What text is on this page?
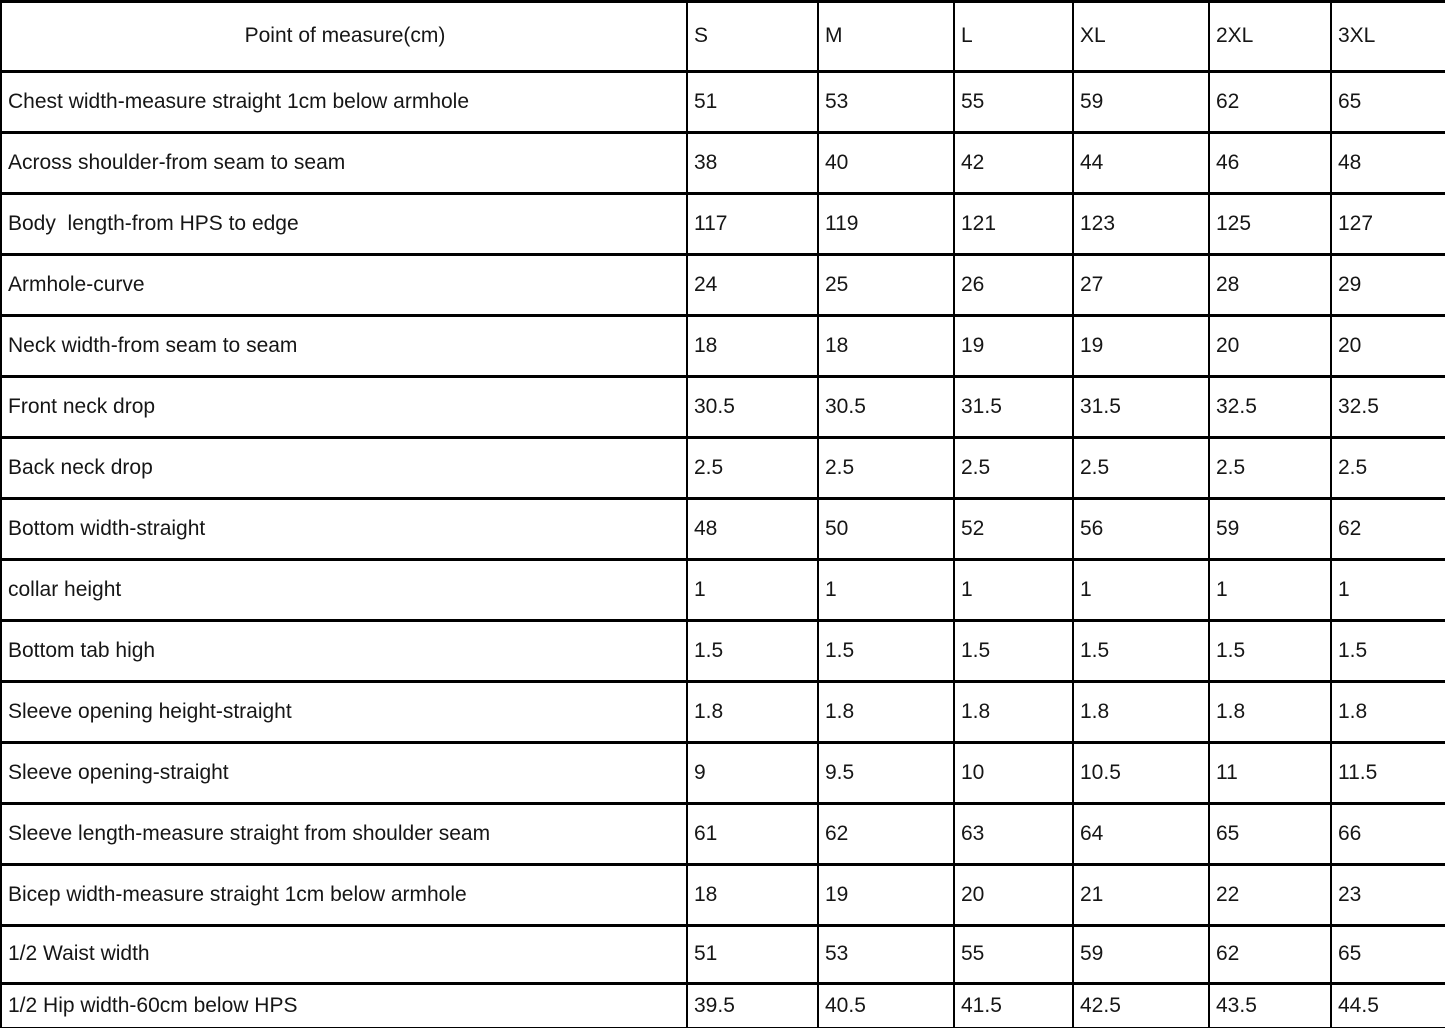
Point of measure(cm)	S	M	L	XL	2XL	3XL
Chest width-measure straight 1cm below armhole	51	53	55	59	62	65
Across shoulder-from seam to seam	38	40	42	44	46	48
Body  length-from HPS to edge	117	119	121	123	125	127
Armhole-curve	24	25	26	27	28	29
Neck width-from seam to seam	18	18	19	19	20	20
Front neck drop	30.5	30.5	31.5	31.5	32.5	32.5
Back neck drop	2.5	2.5	2.5	2.5	2.5	2.5
Bottom width-straight	48	50	52	56	59	62
collar height	1	1	1	1	1	1
Bottom tab high	1.5	1.5	1.5	1.5	1.5	1.5
Sleeve opening height-straight	1.8	1.8	1.8	1.8	1.8	1.8
Sleeve opening-straight	9	9.5	10	10.5	11	11.5
Sleeve length-measure straight from shoulder seam	61	62	63	64	65	66
Bicep width-measure straight 1cm below armhole	18	19	20	21	22	23
1/2 Waist width	51	53	55	59	62	65
1/2 Hip width-60cm below HPS	39.5	40.5	41.5	42.5	43.5	44.5
